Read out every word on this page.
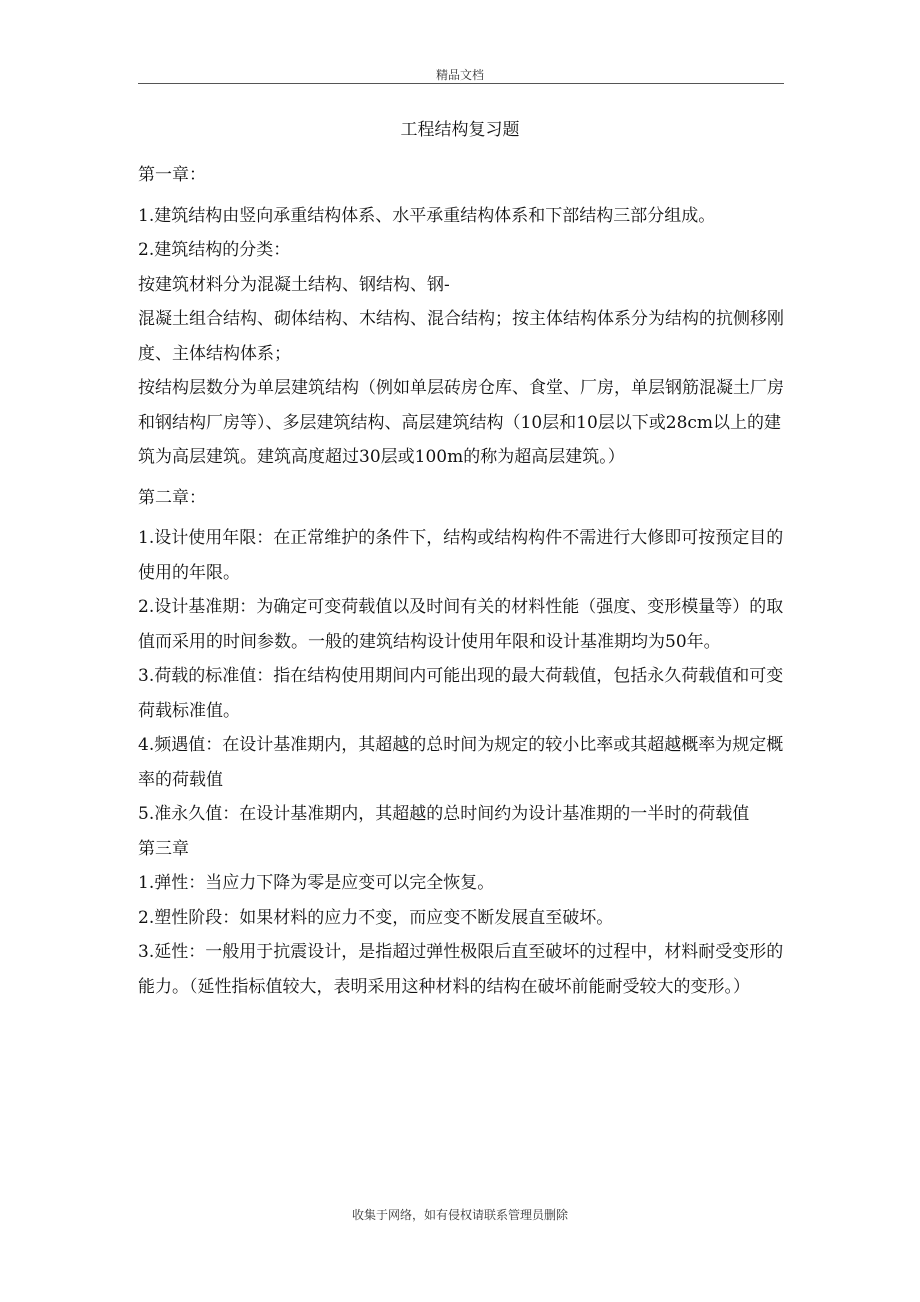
精品文档
工程结构复习题

第一章：

1.建筑结构由竖向承重结构体系、水平承重结构体系和下部结构三部分组成。

2.建筑结构的分类：

按建筑材料分为混凝土结构、钢结构、钢-

混凝土组合结构、砌体结构、木结构、混合结构；按主体结构体系分为结构的抗侧移刚度、主体结构体系；

按结构层数分为单层建筑结构（例如单层砖房仓库、食堂、厂房，单层钢筋混凝土厂房和钢结构厂房等）、多层建筑结构、高层建筑结构（10层和10层以下或28cm以上的建筑为高层建筑。建筑高度超过30层或100m的称为超高层建筑。）

第二章：

1.设计使用年限：在正常维护的条件下，结构或结构构件不需进行大修即可按预定目的使用的年限。

2.设计基准期：为确定可变荷载值以及时间有关的材料性能（强度、变形模量等）的取值而采用的时间参数。一般的建筑结构设计使用年限和设计基准期均为50年。

3.荷载的标准值：指在结构使用期间内可能出现的最大荷载值，包括永久荷载值和可变荷载标准值。

4.频遇值：在设计基准期内，其超越的总时间为规定的较小比率或其超越概率为规定概率的荷载值

5.准永久值：在设计基准期内，其超越的总时间约为设计基准期的一半时的荷载值

第三章

1.弹性：当应力下降为零是应变可以完全恢复。

2.塑性阶段：如果材料的应力不变，而应变不断发展直至破坏。

3.延性：一般用于抗震设计，是指超过弹性极限后直至破坏的过程中，材料耐受变形的能力。（延性指标值较大，表明采用这种材料的结构在破坏前能耐受较大的变形。）

收集于网络，如有侵权请联系管理员删除
